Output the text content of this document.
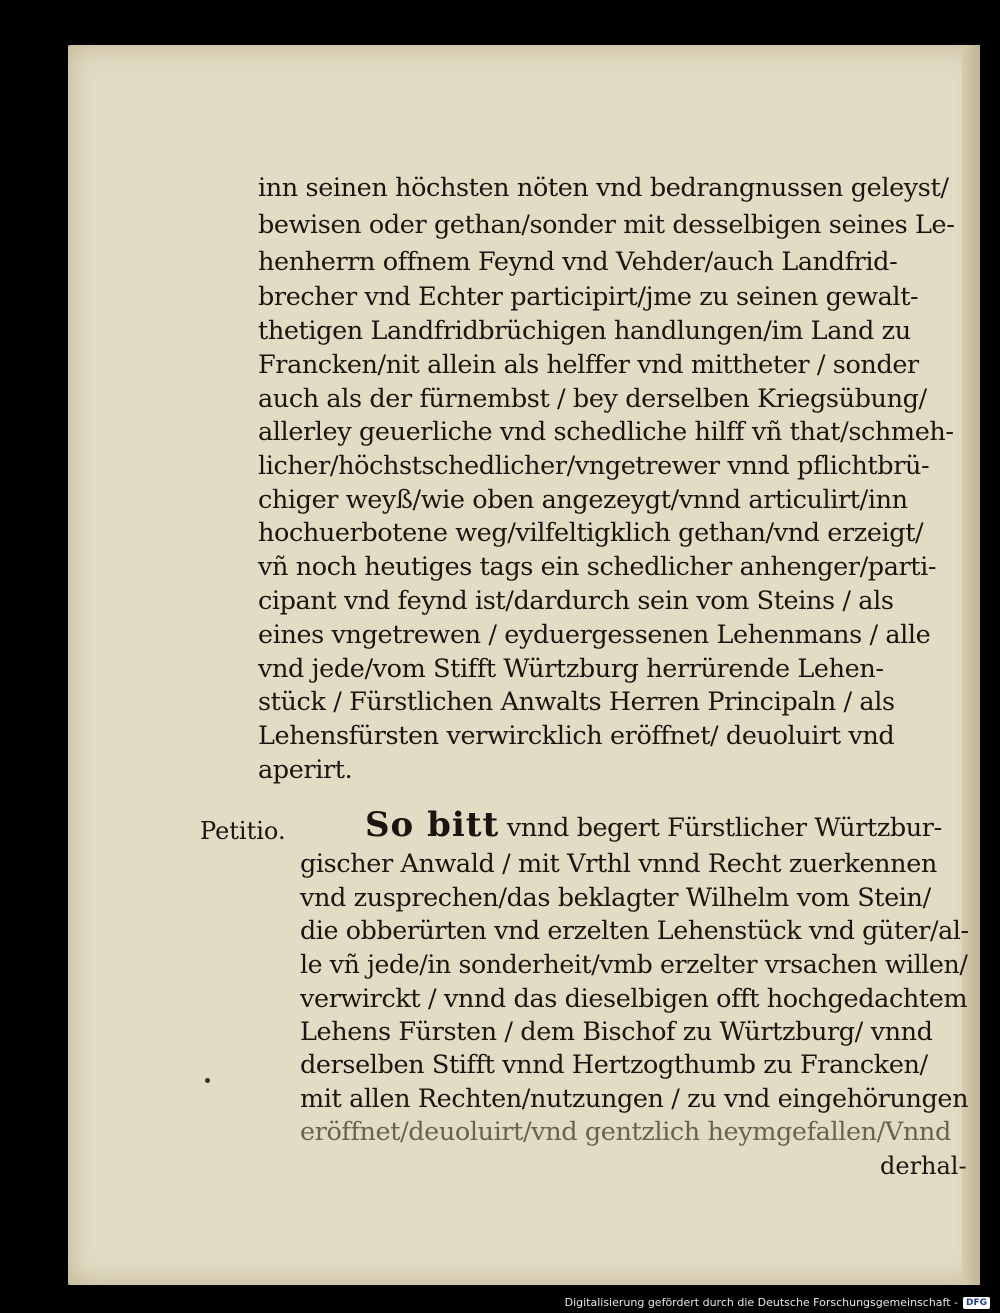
inn seinen höchsten nöten vnd bedrangnussen geleyst/
bewisen oder gethan/sonder mit desselbigen seines Le-
henherrn offnem Feynd vnd Vehder/auch Landfrid-
brecher vnd Echter participirt/jme zu seinen gewalt-
thetigen Landfridbrüchigen handlungen/im Land zu
Francken/nit allein als helffer vnd mittheter / sonder
auch als der fürnembst / bey derselben Kriegsübung/
allerley geuerliche vnd schedliche hilff vñ that/schmeh-
licher/höchstschedlicher/vngetrewer vnnd pflichtbrü-
chiger weyß/wie oben angezeygt/vnnd articulirt/inn
hochuerbotene weg/vilfeltigklich gethan/vnd erzeigt/
vñ noch heutiges tags ein schedlicher anhenger/parti-
cipant vnd feynd ist/dardurch sein vom Steins / als
eines vngetrewen / eyduergessenen Lehenmans / alle
vnd jede/vom Stifft Würtzburg herrürende Lehen-
stück / Fürstlichen Anwalts Herren Principaln / als
Lehensfürsten verwircklich eröffnet/ deuoluirt vnd
aperirt.
Petitio. So bitt vnnd begert Fürstlicher Würtzbur-
gischer Anwald / mit Vrthl vnnd Recht zuerkennen
vnd zusprechen/das beklagter Wilhelm vom Stein/
die obberürten vnd erzelten Lehenstück vnd güter/al-
le vñ jede/in sonderheit/vmb erzelter vrsachen willen/
verwirckt / vnnd das dieselbigen offt hochgedachtem
Lehens Fürsten / dem Bischof zu Würtzburg/ vnnd
derselben Stifft vnnd Hertzogthumb zu Francken/
mit allen Rechten/nutzungen / zu vnd eingehörungen
eröffnet/deuoluirt/vnd gentzlich heymgefallen/Vnnd
derhal-
Digitalisierung gefördert durch die Deutsche Forschungsgemeinschaft - DFG
